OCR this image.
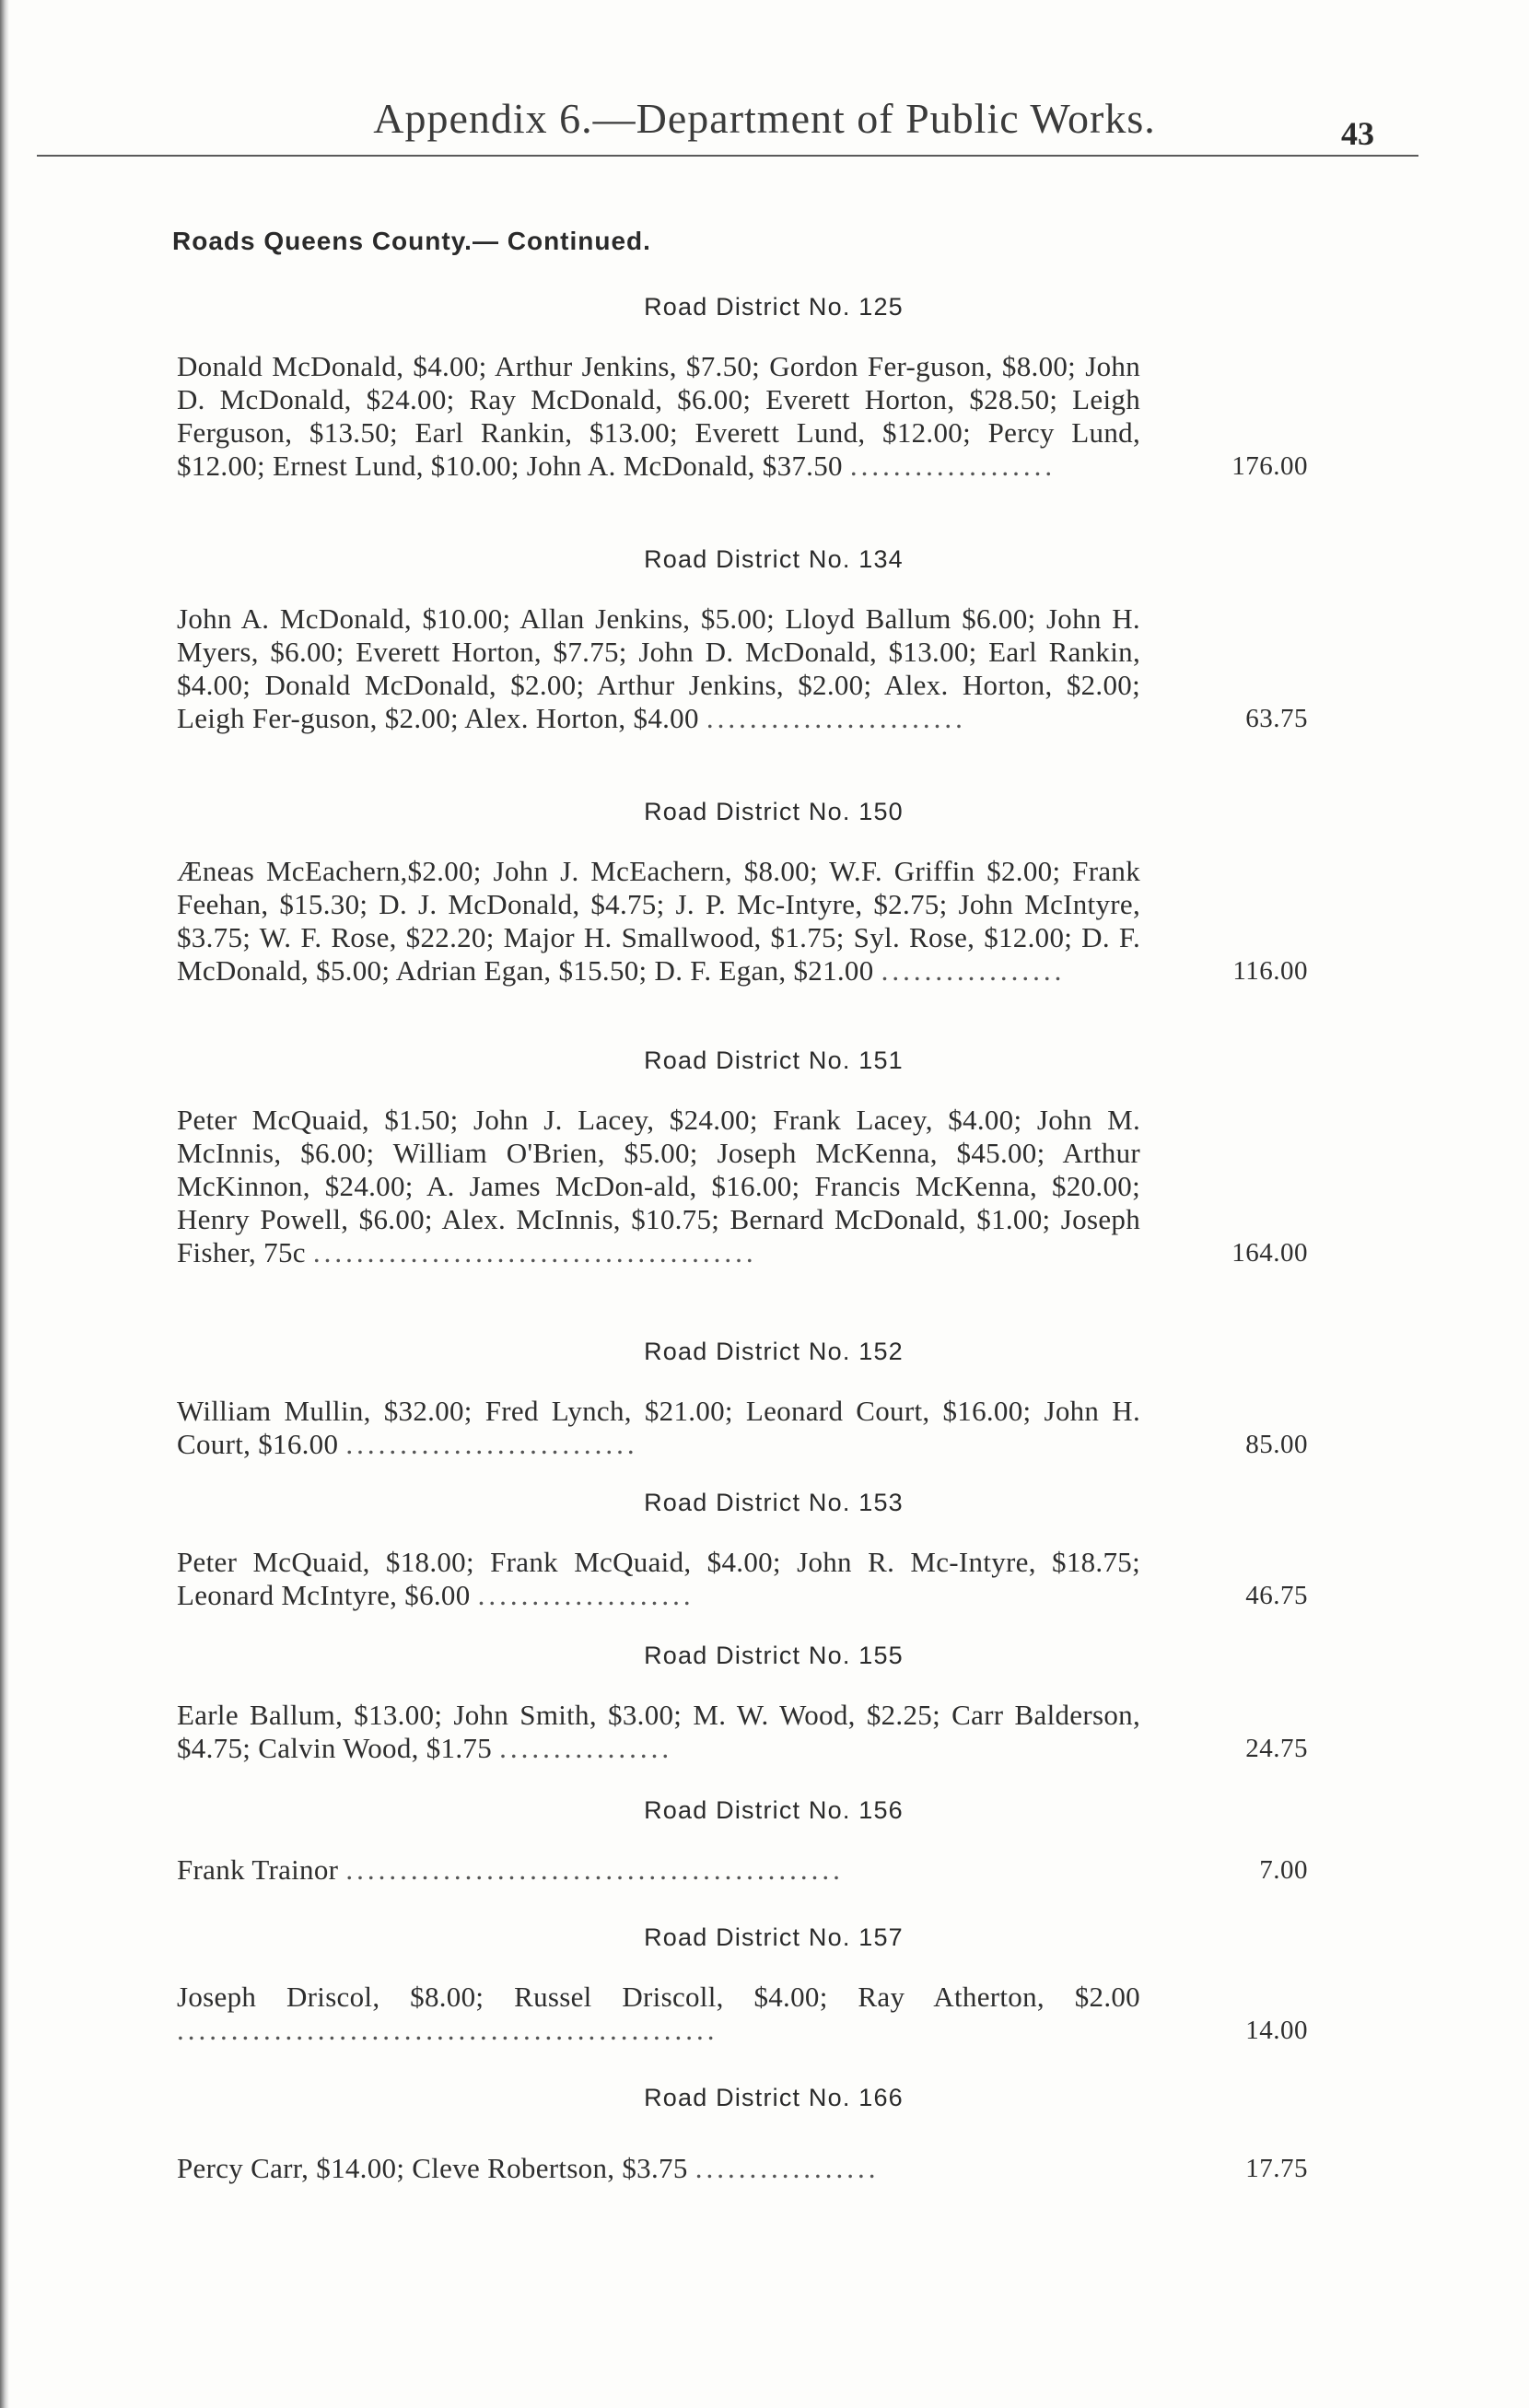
Appendix 6.—Department of Public Works.	43
Roads Queens County.— Continued.
Road District No. 125
Donald McDonald, $4.00; Arthur Jenkins, $7.50; Gordon Fer-guson, $8.00; John D. McDonald, $24.00; Ray McDonald, $6.00; Everett Horton, $28.50; Leigh Ferguson, $13.50; Earl Rankin, $13.00; Everett Lund, $12.00; Percy Lund, $12.00; Ernest Lund, $10.00; John A. McDonald, $37.50 ...................	176.00
Road District No. 134
John A. McDonald, $10.00; Allan Jenkins, $5.00; Lloyd Ballum $6.00; John H. Myers, $6.00; Everett Horton, $7.75; John D. McDonald, $13.00; Earl Rankin, $4.00; Donald McDonald, $2.00; Arthur Jenkins, $2.00; Alex. Horton, $2.00; Leigh Fer-guson, $2.00; Alex. Horton, $4.00 ........................	63.75
Road District No. 150
Æneas McEachern,$2.00; John J. McEachern, $8.00; W.F. Griffin $2.00; Frank Feehan, $15.30; D. J. McDonald, $4.75; J. P. Mc-Intyre, $2.75; John McIntyre, $3.75; W. F. Rose, $22.20; Major H. Smallwood, $1.75; Syl. Rose, $12.00; D. F. McDonald, $5.00; Adrian Egan, $15.50; D. F. Egan, $21.00 .................	116.00
Road District No. 151
Peter McQuaid, $1.50; John J. Lacey, $24.00; Frank Lacey, $4.00; John M. McInnis, $6.00; William O'Brien, $5.00; Joseph McKenna, $45.00; Arthur McKinnon, $24.00; A. James McDon-ald, $16.00; Francis McKenna, $20.00; Henry Powell, $6.00; Alex. McInnis, $10.75; Bernard McDonald, $1.00; Joseph Fisher, 75c .........................................	164.00
Road District No. 152
William Mullin, $32.00; Fred Lynch, $21.00; Leonard Court, $16.00; John H. Court, $16.00 ...........................	85.00
Road District No. 153
Peter McQuaid, $18.00; Frank McQuaid, $4.00; John R. Mc-Intyre, $18.75; Leonard McIntyre, $6.00 ....................	46.75
Road District No. 155
Earle Ballum, $13.00; John Smith, $3.00; M. W. Wood, $2.25; Carr Balderson, $4.75; Calvin Wood, $1.75 ................	24.75
Road District No. 156
Frank Trainor ..............................................	7.00
Road District No. 157
Joseph Driscol, $8.00; Russel Driscoll, $4.00; Ray Atherton, $2.00 ..................................................	14.00
Road District No. 166
Percy Carr, $14.00; Cleve Robertson, $3.75 .................	17.75
